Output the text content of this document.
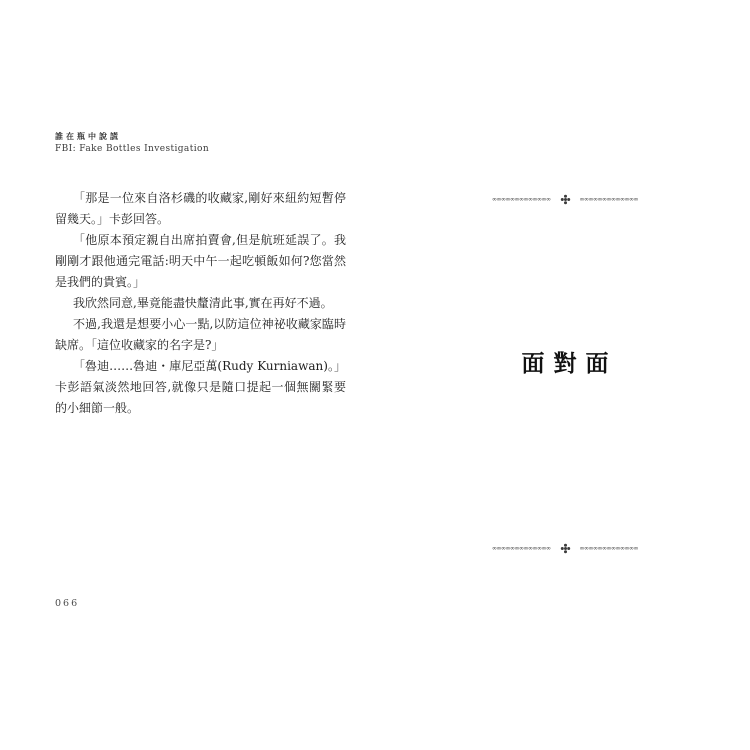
誰在瓶中說謊
FBI: Fake Bottles Investigation

「那是一位來自洛杉磯的收藏家,剛好來紐約短暫停留幾天。」卡彭回答。

「他原本預定親自出席拍賣會,但是航班延誤了。我剛剛才跟他通完電話:明天中午一起吃頓飯如何?您當然是我們的貴賓。」

我欣然同意,畢竟能盡快釐清此事,實在再好不過。

不過,我還是想要小心一點,以防這位神祕收藏家臨時缺席。「這位收藏家的名字是?」

「魯迪……魯迪・庫尼亞萬(Rudy Kurniawan)。」卡彭語氣淡然地回答,就像只是隨口提起一個無關緊要的小細節一般。

066
∞∞∞∞∞∞∞∞∞∞∞∞∞	∞∞∞∞∞∞∞∞∞∞∞∞∞
面對面
∞∞∞∞∞∞∞∞∞∞∞∞∞	∞∞∞∞∞∞∞∞∞∞∞∞∞
